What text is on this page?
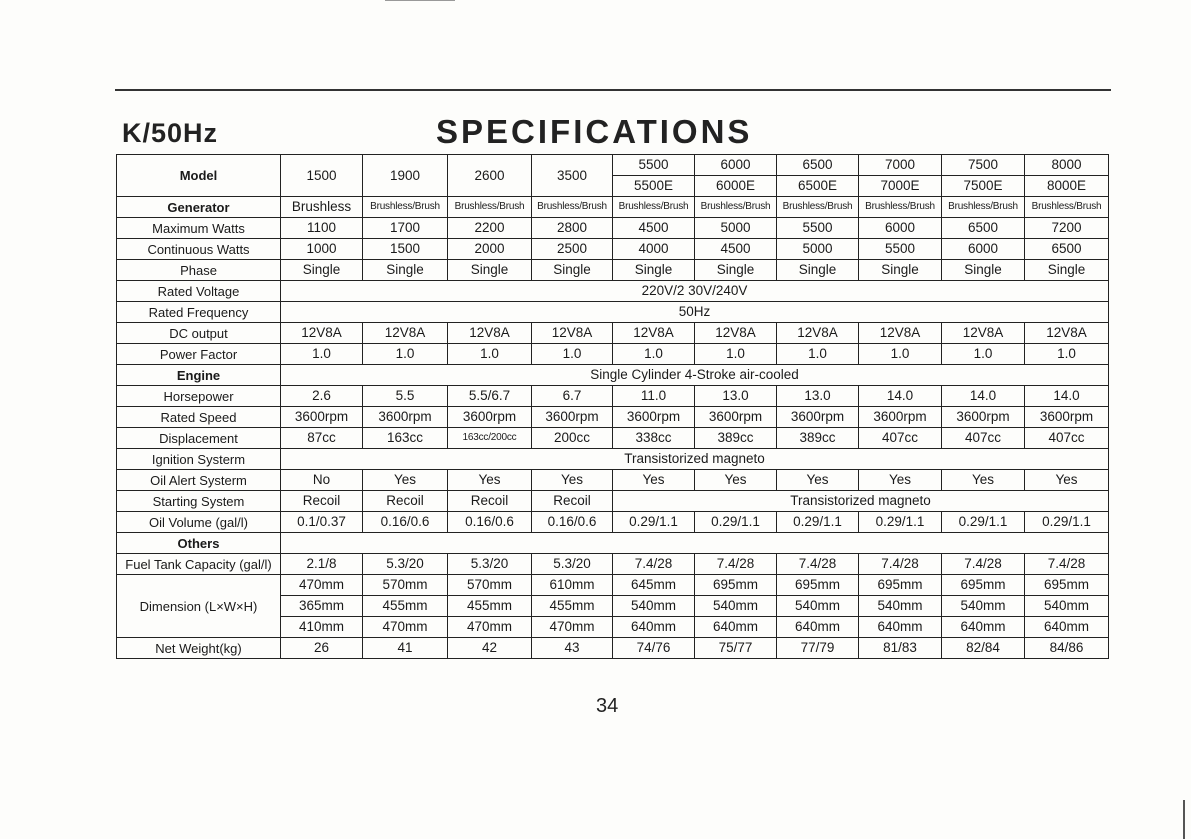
K/50Hz	SPECIFICATIONS
Model	1500	1900	2600	3500	5500	6000	6500	7000	7500	8000
					5500E	6000E	6500E	7000E	7500E	8000E
Generator	Brushless	Brushless/Brush	Brushless/Brush	Brushless/Brush	Brushless/Brush	Brushless/Brush	Brushless/Brush	Brushless/Brush	Brushless/Brush	Brushless/Brush
Maximum Watts	1100	1700	2200	2800	4500	5000	5500	6000	6500	7200
Continuous Watts	1000	1500	2000	2500	4000	4500	5000	5500	6000	6500
Phase	Single	Single	Single	Single	Single	Single	Single	Single	Single	Single
Rated Voltage	220V/2 30V/240V									
Rated Frequency	50Hz									
DC output	12V8A	12V8A	12V8A	12V8A	12V8A	12V8A	12V8A	12V8A	12V8A	12V8A
Power Factor	1.0	1.0	1.0	1.0	1.0	1.0	1.0	1.0	1.0	1.0
Engine	Single Cylinder 4-Stroke air-cooled									
Horsepower	2.6	5.5	5.5/6.7	6.7	11.0	13.0	13.0	14.0	14.0	14.0
Rated Speed	3600rpm	3600rpm	3600rpm	3600rpm	3600rpm	3600rpm	3600rpm	3600rpm	3600rpm	3600rpm
Displacement	87cc	163cc	163cc/200cc	200cc	338cc	389cc	389cc	407cc	407cc	407cc
Ignition Systerm	Transistorized magneto									
Oil Alert Systerm	No	Yes	Yes	Yes	Yes	Yes	Yes	Yes	Yes	Yes
Starting System	Recoil	Recoil	Recoil	Recoil	Transistorized magneto					
Oil Volume (gal/l)	0.1/0.37	0.16/0.6	0.16/0.6	0.16/0.6	0.29/1.1	0.29/1.1	0.29/1.1	0.29/1.1	0.29/1.1	0.29/1.1
Others										
Fuel Tank Capacity (gal/l)	2.1/8	5.3/20	5.3/20	5.3/20	7.4/28	7.4/28	7.4/28	7.4/28	7.4/28	7.4/28
Dimension (L×W×H)	470mm	570mm	570mm	610mm	645mm	695mm	695mm	695mm	695mm	695mm
	365mm	455mm	455mm	455mm	540mm	540mm	540mm	540mm	540mm	540mm
	410mm	470mm	470mm	470mm	640mm	640mm	640mm	640mm	640mm	640mm
Net Weight(kg)	26	41	42	43	74/76	75/77	77/79	81/83	82/84	84/86
34
